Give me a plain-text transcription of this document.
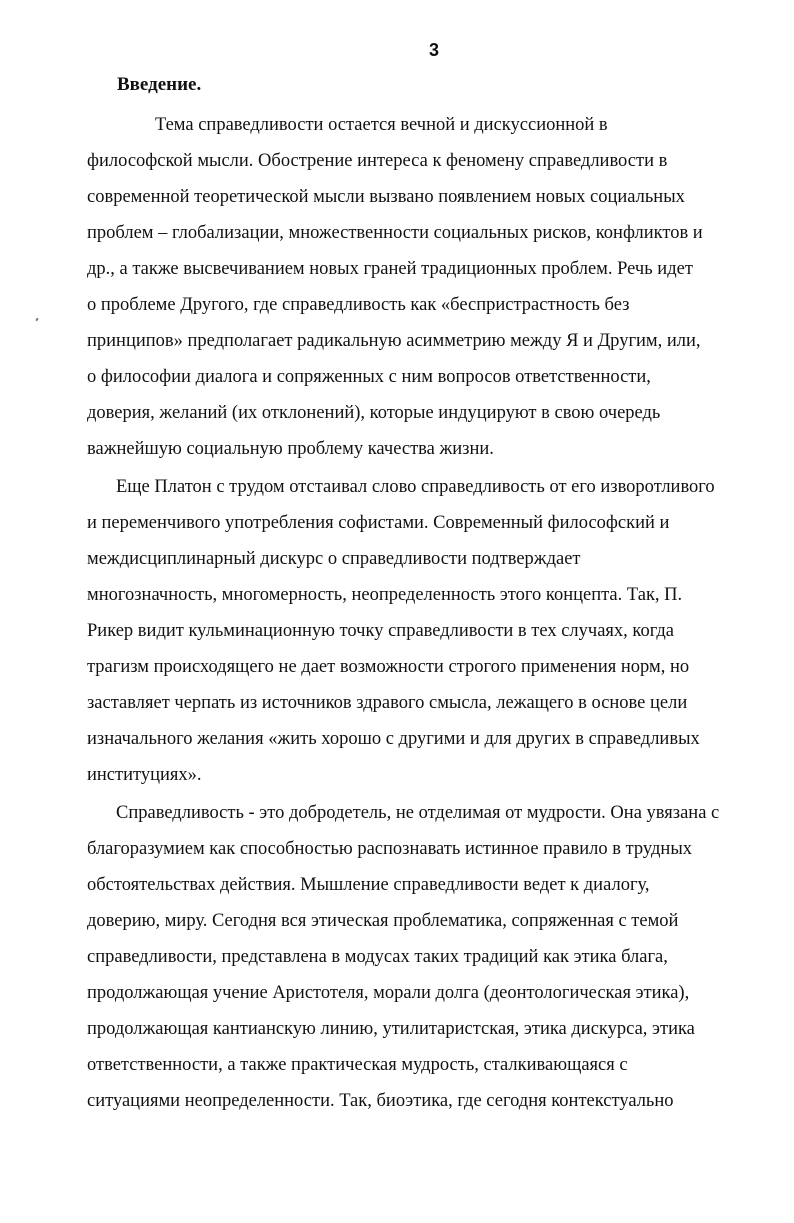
3
Введение.
Тема справедливости остается вечной и дискуссионной в
философской мысли. Обострение интереса к феномену справедливости в
современной теоретической мысли вызвано появлением новых социальных
проблем – глобализации, множественности социальных рисков, конфликтов и
др., а также высвечиванием новых граней традиционных проблем. Речь идет
о проблеме Другого, где справедливость как «беспристрастность без
принципов» предполагает радикальную асимметрию между Я и Другим, или,
о философии диалога и сопряженных с ним вопросов ответственности,
доверия, желаний (их отклонений), которые индуцируют в свою очередь
важнейшую социальную проблему качества жизни.
Еще Платон с трудом отстаивал слово справедливость от его изворотливого
и переменчивого употребления софистами. Современный философский и
междисциплинарный дискурс о справедливости подтверждает
многозначность, многомерность, неопределенность этого концепта. Так, П.
Рикер видит кульминационную точку справедливости в тех случаях, когда
трагизм происходящего не дает возможности строгого применения норм, но
заставляет черпать из источников здравого смысла, лежащего в основе цели
изначального желания «жить хорошо с другими и для других в справедливых
институциях».
Справедливость - это добродетель, не отделимая от мудрости. Она увязана с
благоразумием как способностью распознавать истинное правило в трудных
обстоятельствах действия. Мышление справедливости ведет к диалогу,
доверию, миру. Сегодня вся этическая проблематика, сопряженная с темой
справедливости, представлена в модусах таких традиций как этика блага,
продолжающая учение Аристотеля, морали долга (деонтологическая этика),
продолжающая кантианскую линию, утилитаристская, этика дискурса, этика
ответственности, а также практическая мудрость, сталкивающаяся с
ситуациями неопределенности. Так, биоэтика, где сегодня контекстуально
